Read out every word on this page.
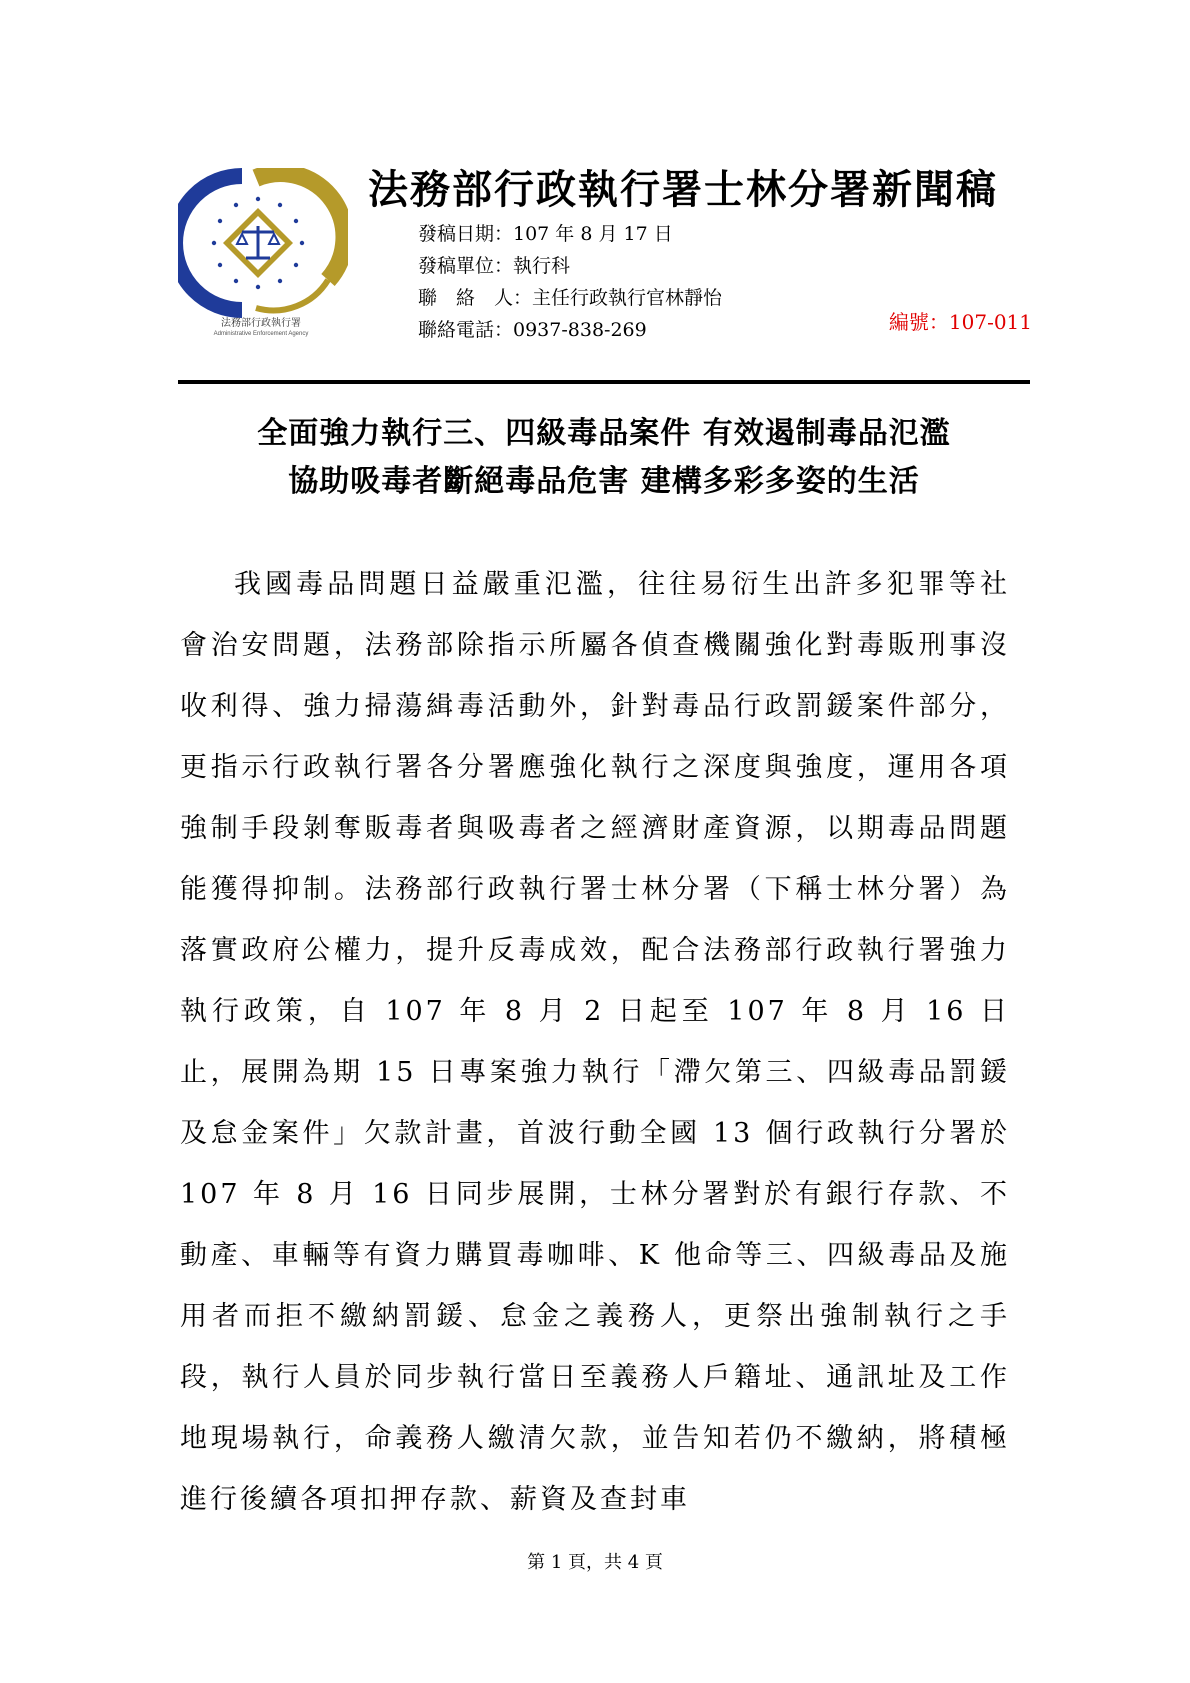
法務部行政執行署
Administrative Enforcement Agency
法務部行政執行署士林分署新聞稿
發稿日期：107 年 8 月 17 日
發稿單位：執行科
聯　絡　人：主任行政執行官林靜怡
聯絡電話：0937-838-269	編號：107-011
全面強力執行三、四級毒品案件 有效遏制毒品氾濫
協助吸毒者斷絕毒品危害 建構多彩多姿的生活
我國毒品問題日益嚴重氾濫，往往易衍生出許多犯罪等社會治安問題，法務部除指示所屬各偵查機關強化對毒販刑事沒收利得、強力掃蕩緝毒活動外，針對毒品行政罰鍰案件部分，更指示行政執行署各分署應強化執行之深度與強度，運用各項強制手段剝奪販毒者與吸毒者之經濟財產資源，以期毒品問題能獲得抑制。法務部行政執行署士林分署（下稱士林分署）為落實政府公權力，提升反毒成效，配合法務部行政執行署強力執行政策，自 107 年 8 月 2 日起至 107 年 8 月 16 日止，展開為期 15 日專案強力執行「滯欠第三、四級毒品罰鍰及怠金案件」欠款計畫，首波行動全國 13 個行政執行分署於 107 年 8 月 16 日同步展開，士林分署對於有銀行存款、不動產、車輛等有資力購買毒咖啡、K 他命等三、四級毒品及施用者而拒不繳納罰鍰、怠金之義務人，更祭出強制執行之手段，執行人員於同步執行當日至義務人戶籍址、通訊址及工作地現場執行，命義務人繳清欠款，並告知若仍不繳納，將積極進行後續各項扣押存款、薪資及查封車
第 1 頁，共 4 頁
